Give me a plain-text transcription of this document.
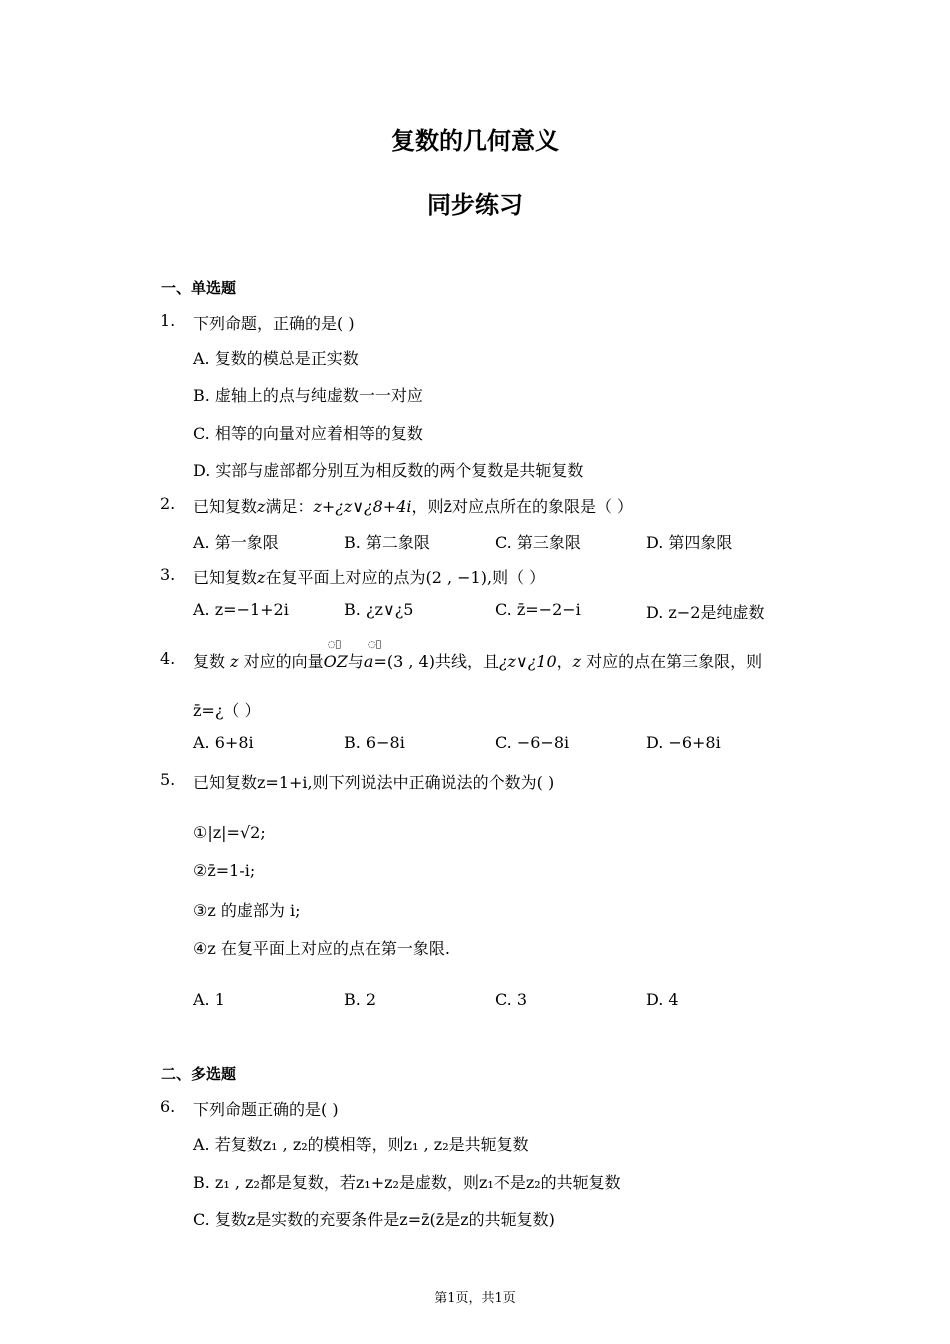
复数的几何意义
同步练习
一、单选题
1. 下列命题，正确的是( )
A. 复数的模总是正实数
B. 虚轴上的点与纯虚数一一对应
C. 相等的向量对应着相等的复数
D. 实部与虚部都分别互为相反数的两个复数是共轭复数
2. 已知复数z满足：z+¿z∨¿8+4i，则z̄对应点所在的象限是（ ）
A. 第一象限	B. 第二象限	C. 第三象限	D. 第四象限
3. 已知复数z在复平面上对应的点为(2 , −1),则（ ）
A. z=−1+2i	B. ¿z∨¿5	C. z̄=−2−i	D. z−2是纯虚数
4. 复数 z 对应的向量
◌⃗
OZ与
◌⃗
a=(3 , 4)共线，且¿z∨¿10，z 对应的点在第三象限，则
z̄=¿（ ）
A. 6+8i	B. 6−8i	C. −6−8i	D. −6+8i
5. 已知复数z=1+i,则下列说法中正确说法的个数为( )
①|z|=√2;
②z̄=1-i;
③z 的虚部为 i;
④z 在复平面上对应的点在第一象限.
A. 1	B. 2	C. 3	D. 4
二、多选题
6. 下列命题正确的是( )
A. 若复数z₁ , z₂的模相等，则z₁ , z₂是共轭复数
B. z₁ , z₂都是复数，若z₁+z₂是虚数，则z₁不是z₂的共轭复数
C. 复数z是实数的充要条件是z=z̄(z̄是z的共轭复数)
第1页，共1页
